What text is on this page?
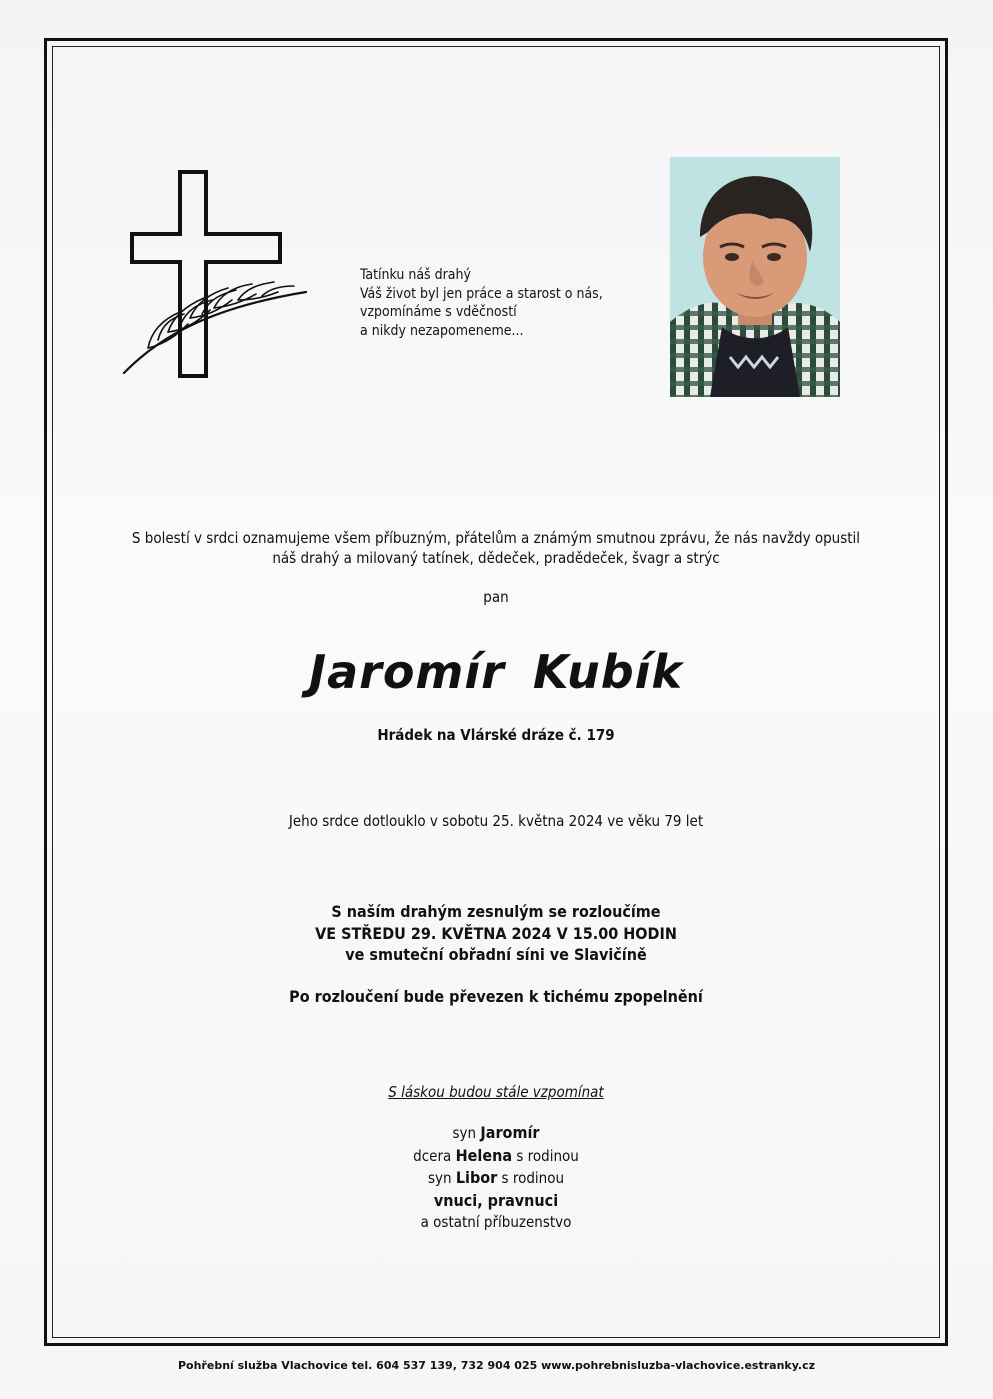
Tatínku náš drahý
Váš život byl jen práce a starost o nás,
vzpomínáme s vděčností
a nikdy nezapomeneme...
S bolestí v srdci oznamujeme všem příbuzným, přátelům a známým smutnou zprávu, že nás navždy opustil
náš drahý a milovaný tatínek, dědeček, pradědeček, švagr a strýc
pan
Jaromír Kubík
Hrádek na Vlárské dráze č. 179
Jeho srdce dotlouklo v sobotu 25. května 2024 ve věku 79 let
S naším drahým zesnulým se rozloučíme
VE STŘEDU 29. KVĚTNA 2024 V 15.00 HODIN
ve smuteční obřadní síni ve Slavičíně
Po rozloučení bude převezen k tichému zpopelnění
S láskou budou stále vzpomínat
syn Jaromír
dcera Helena s rodinou
syn Libor s rodinou
vnuci, pravnuci
a ostatní příbuzenstvo
Pohřební služba Vlachovice tel. 604 537 139, 732 904 025 www.pohrebnisluzba-vlachovice.estranky.cz
